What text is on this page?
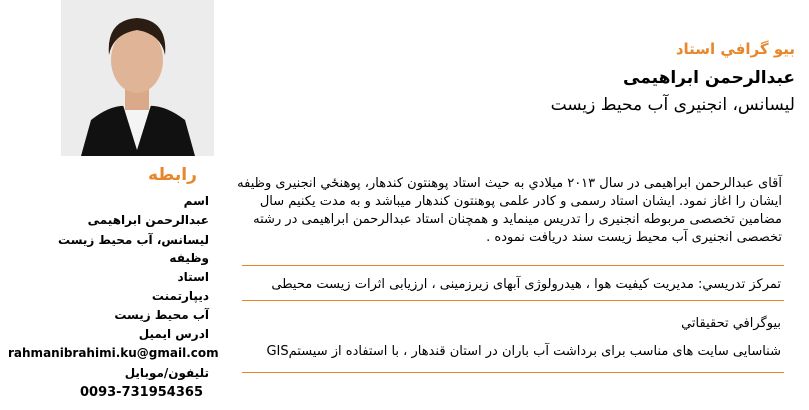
بيو گرافي استاد
عبدالرحمن ابراهیمی
ليسانس، انجنيری آب محيط زيست
آقای عبدالرحمن ابراهيمی در سال ۲۰۱۳ ميلادي به حيث استاد پوهنتون کندهار، پوهنځي انجنيری وظيفه ايشان را اغاز نمود. ايشان استاد رسمی و کادر علمی پوهنتون کندهار ميباشد و به مدت يکنيم سال مضامين تخصصی مربوطه انجنيری را تدريس مينمايد و همچنان استاد عبدالرحمن ابراهيمی در رشته تخصصی انجنيری آب محيط زيست سند دريافت نموده .
تمرکز تدريسي: مديريت کيفيت هوا ، هيدرولوژی آبهای زيرزمينی ، ارزيابی اثرات زيست محيطی
بيوگرافي تحقيقاتي
شناسايی سايت های مناسب برای برداشت آب باران در استان قندهار ، با استفاده از سيستمGIS
رابطه
اسم
عبدالرحمن ابراهيمی
ليسانس، آب محيط زيست
وظيفه
استاد
ديپارتمنت
آب محيط زيست
ادرس ايميل
rahmanibrahimi.ku@gmail.com
تليفون/موبايل
0093-731954365
